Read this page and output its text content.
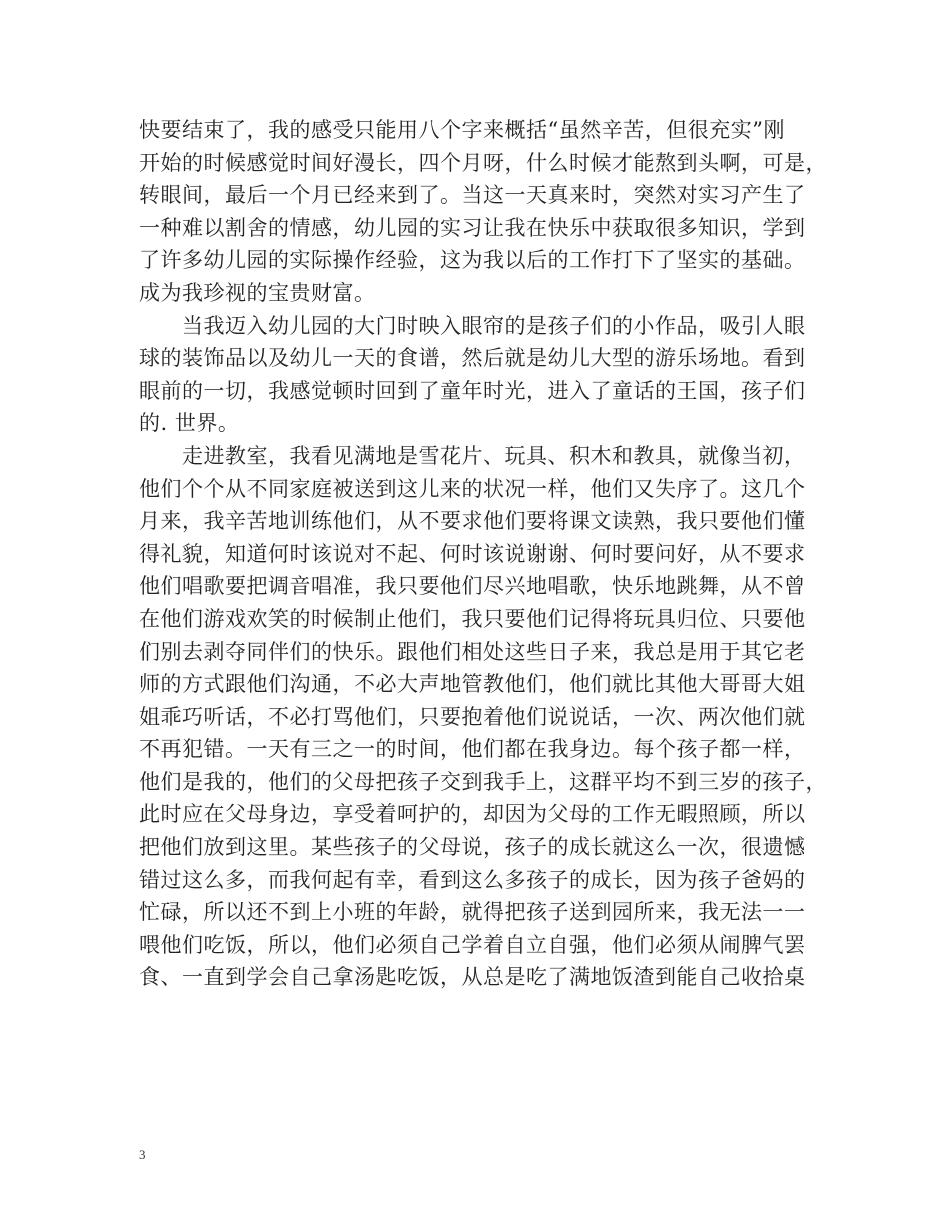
快要结束了，我的感受只能用八个字来概括“虽然辛苦，但很充实”刚
开始的时候感觉时间好漫长，四个月呀，什么时候才能熬到头啊，可是，
转眼间，最后一个月已经来到了。当这一天真来时，突然对实习产生了
一种难以割舍的情感，幼儿园的实习让我在快乐中获取很多知识，学到
了许多幼儿园的实际操作经验，这为我以后的工作打下了坚实的基础。
成为我珍视的宝贵财富。
　　当我迈入幼儿园的大门时映入眼帘的是孩子们的小作品，吸引人眼
球的装饰品以及幼儿一天的食谱，然后就是幼儿大型的游乐场地。看到
眼前的一切，我感觉顿时回到了童年时光，进入了童话的王国，孩子们
的. 世界。
　　走进教室，我看见满地是雪花片、玩具、积木和教具，就像当初，
他们个个从不同家庭被送到这儿来的状况一样，他们又失序了。这几个
月来，我辛苦地训练他们，从不要求他们要将课文读熟，我只要他们懂
得礼貌，知道何时该说对不起、何时该说谢谢、何时要问好，从不要求
他们唱歌要把调音唱准，我只要他们尽兴地唱歌，快乐地跳舞，从不曾
在他们游戏欢笑的时候制止他们，我只要他们记得将玩具归位、只要他
们别去剥夺同伴们的快乐。跟他们相处这些日子来，我总是用于其它老
师的方式跟他们沟通，不必大声地管教他们，他们就比其他大哥哥大姐
姐乖巧听话，不必打骂他们，只要抱着他们说说话，一次、两次他们就
不再犯错。一天有三之一的时间，他们都在我身边。每个孩子都一样，
他们是我的，他们的父母把孩子交到我手上，这群平均不到三岁的孩子，
此时应在父母身边，享受着呵护的，却因为父母的工作无暇照顾，所以
把他们放到这里。某些孩子的父母说，孩子的成长就这么一次，很遗憾
错过这么多，而我何起有幸，看到这么多孩子的成长，因为孩子爸妈的
忙碌，所以还不到上小班的年龄，就得把孩子送到园所来，我无法一一
喂他们吃饭，所以，他们必须自己学着自立自强，他们必须从闹脾气罢
食、一直到学会自己拿汤匙吃饭，从总是吃了满地饭渣到能自己收拾桌
3
